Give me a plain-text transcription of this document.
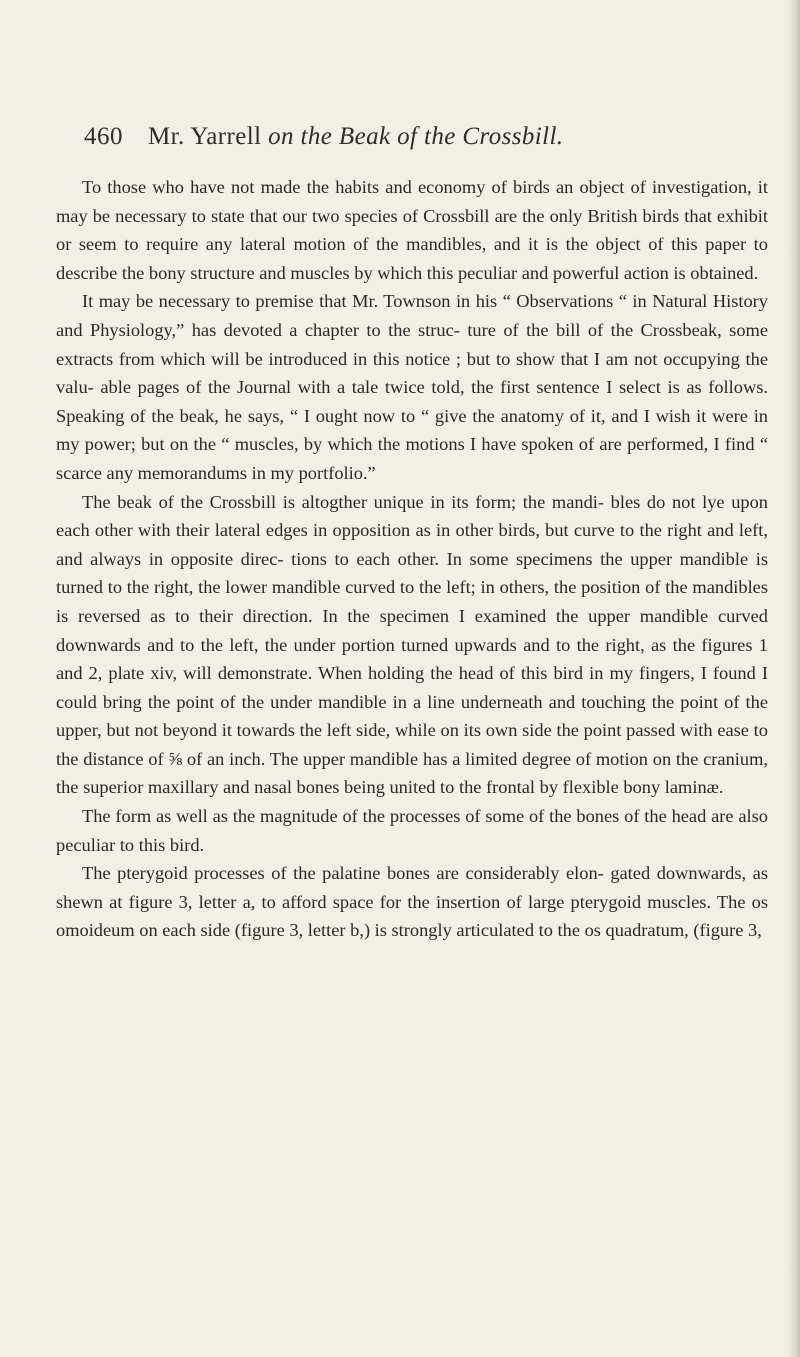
460 Mr. Yarrell on the Beak of the Crossbill.

To those who have not made the habits and economy of birds an object of investigation, it may be necessary to state that our two species of Crossbill are the only British birds that exhibit or seem to require any lateral motion of the mandibles, and it is the object of this paper to describe the bony structure and muscles by which this peculiar and powerful action is obtained.

It may be necessary to premise that Mr. Townson in his “ Observations “ in Natural History and Physiology,” has devoted a chapter to the struc- ture of the bill of the Crossbeak, some extracts from which will be introduced in this notice ; but to show that I am not occupying the valu- able pages of the Journal with a tale twice told, the first sentence I select is as follows. Speaking of the beak, he says, “ I ought now to “ give the anatomy of it, and I wish it were in my power; but on the “ muscles, by which the motions I have spoken of are performed, I find “ scarce any memorandums in my portfolio.”

The beak of the Crossbill is altogther unique in its form; the mandi- bles do not lye upon each other with their lateral edges in opposition as in other birds, but curve to the right and left, and always in opposite direc- tions to each other. In some specimens the upper mandible is turned to the right, the lower mandible curved to the left; in others, the position of the mandibles is reversed as to their direction. In the specimen I examined the upper mandible curved downwards and to the left, the under portion turned upwards and to the right, as the figures 1 and 2, plate xiv, will demonstrate. When holding the head of this bird in my fingers, I found I could bring the point of the under mandible in a line underneath and touching the point of the upper, but not beyond it towards the left side, while on its own side the point passed with ease to the distance of ⅝ of an inch. The upper mandible has a limited degree of motion on the cranium, the superior maxillary and nasal bones being united to the frontal by flexible bony laminæ.

The form as well as the magnitude of the processes of some of the bones of the head are also peculiar to this bird.

The pterygoid processes of the palatine bones are considerably elon- gated downwards, as shewn at figure 3, letter a, to afford space for the insertion of large pterygoid muscles. The os omoideum on each side (figure 3, letter b,) is strongly articulated to the os quadratum, (figure 3,
